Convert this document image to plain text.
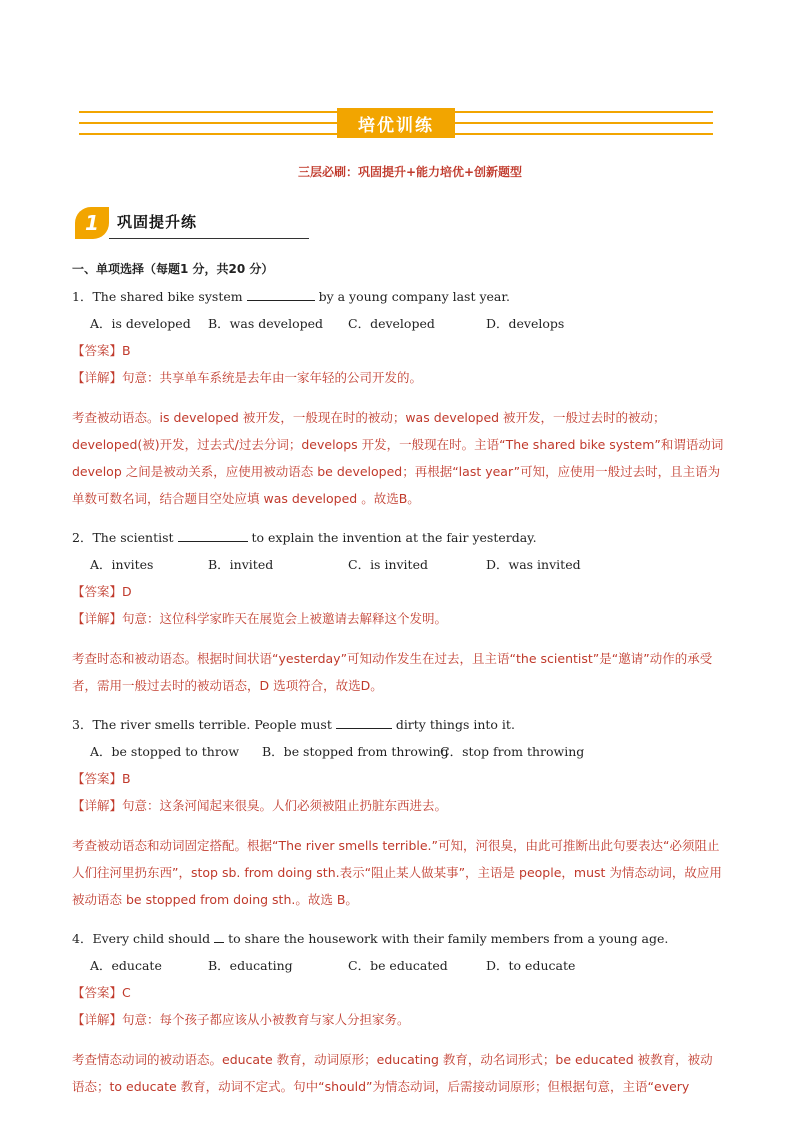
培优训练
三层必刷：巩固提升+能力培优+创新题型
1	巩固提升练

一、单项选择（每题1 分，共20 分）

1．The shared bike system	by a young company last year.

A．is developed	B．was developed	C．developed	D．develops

【答案】B

【详解】句意：共享单车系统是去年由一家年轻的公司开发的。

考查被动语态。is developed 被开发，一般现在时的被动；was developed 被开发，一般过去时的被动；developed(被)开发，过去式/过去分词；develops 开发，一般现在时。主语“The shared bike system”和谓语动词 develop 之间是被动关系，应使用被动语态 be developed；再根据“last year”可知，应使用一般过去时，且主语为单数可数名词，结合题目空处应填 was developed 。故选B。

2．The scientist	to explain the invention at the fair yesterday.

A．invites	B．invited	C．is invited	D．was invited

【答案】D

【详解】句意：这位科学家昨天在展览会上被邀请去解释这个发明。

考查时态和被动语态。根据时间状语“yesterday”可知动作发生在过去，且主语“the scientist”是“邀请”动作的承受者，需用一般过去时的被动语态，D 选项符合，故选D。

3．The river smells terrible. People must	dirty things into it.

A．be stopped to throw	B．be stopped from throwing
C．stop from throwing

【答案】B

【详解】句意：这条河闻起来很臭。人们必须被阻止扔脏东西进去。

考查被动语态和动词固定搭配。根据“The river smells terrible.”可知，河很臭，由此可推断出此句要表达“必须阻止人们往河里扔东西”，stop sb. from doing sth.表示“阻止某人做某事”，主语是 people，must 为情态动词，故应用被动语态 be stopped from doing sth.。故选 B。

4．Every child should to share the housework with their family members from a young age.

A．educate	B．educating	C．be educated	D．to educate

【答案】C

【详解】句意：每个孩子都应该从小被教育与家人分担家务。

考查情态动词的被动语态。educate 教育，动词原形；educating 教育，动名词形式；be educated 被教育，被动语态；to educate 教育，动词不定式。句中“should”为情态动词，后需接动词原形；但根据句意，主语“every
